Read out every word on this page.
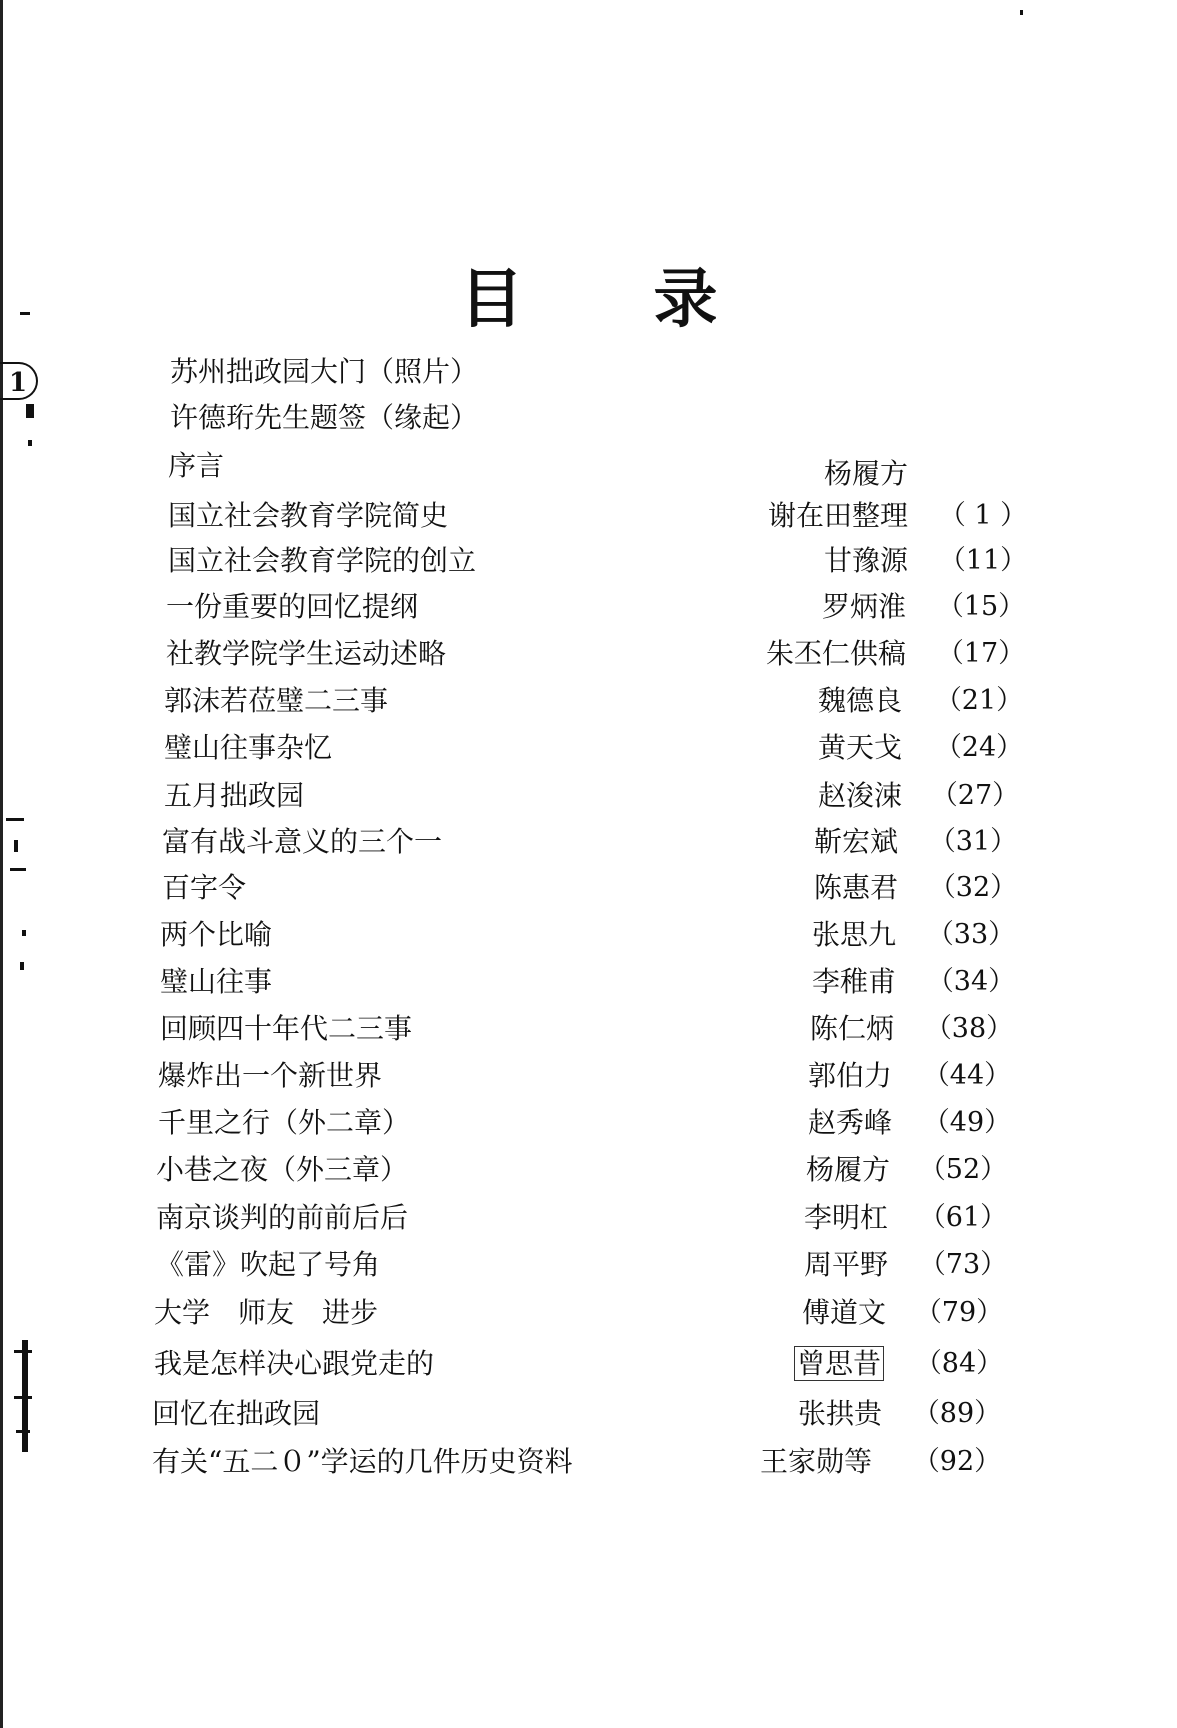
1
目 录
苏州拙政园大门（照片）
许德珩先生题签（缘起）
序言	杨履方
国立社会教育学院简史	谢在田整理 （ 1 ）
国立社会教育学院的创立	甘豫源 （11）
一份重要的回忆提纲	罗炳淮 （15）
社教学院学生运动述略	朱丕仁供稿 （17）
郭沫若莅璧二三事	魏德良 （21）
璧山往事杂忆	黄天戈 （24）
五月拙政园	赵浚涑 （27）
富有战斗意义的三个一	靳宏斌 （31）
百字令	陈惠君 （32）
两个比喻	张思九 （33）
璧山往事	李稚甫 （34）
回顾四十年代二三事	陈仁炳 （38）
爆炸出一个新世界	郭伯力 （44）
千里之行（外二章）	赵秀峰 （49）
小巷之夜（外三章）	杨履方 （52）
南京谈判的前前后后	李明杠 （61）
《雷》吹起了号角	周平野 （73）
大学　师友　进步	傅道文 （79）
我是怎样决心跟党走的	曾思昔 （84）
回忆在拙政园	张拱贵 （89）
有关“五二０”学运的几件历史资料	王家勋等 （92）
